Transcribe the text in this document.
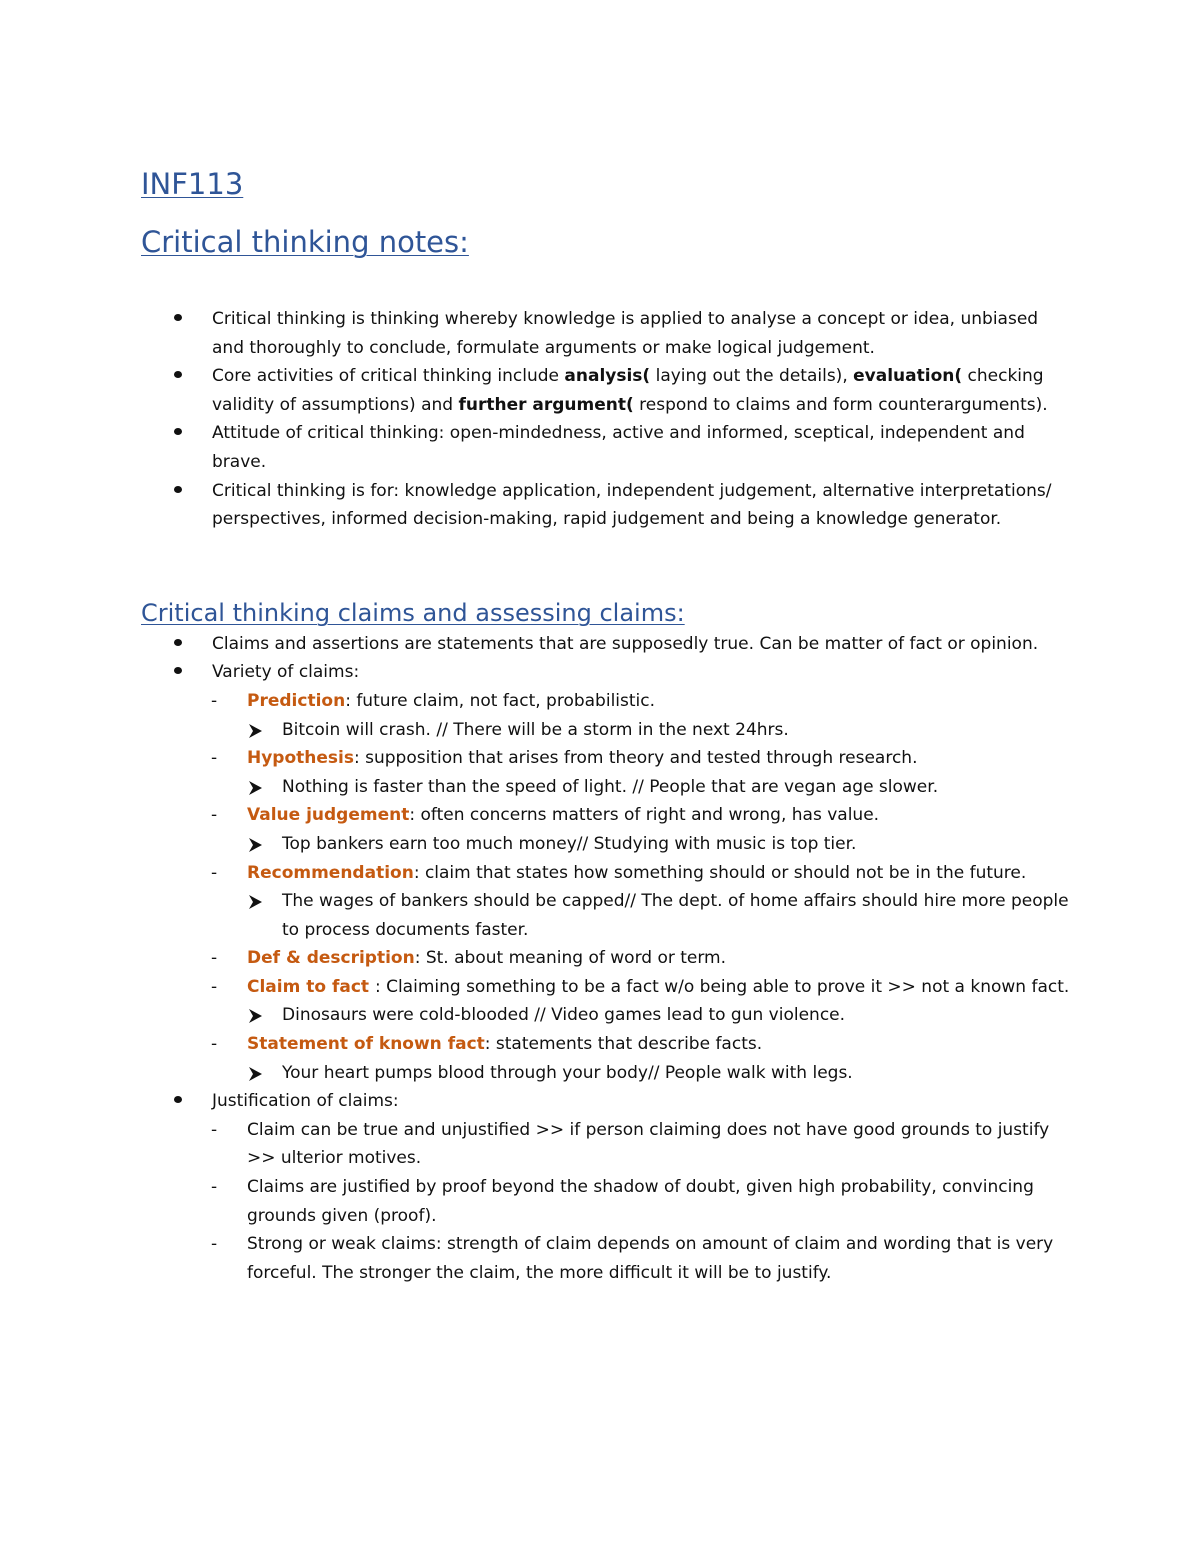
INF113
Critical thinking notes:
Critical thinking is thinking whereby knowledge is applied to analyse a concept or idea, unbiased and thoroughly to conclude, formulate arguments or make logical judgement.
Core activities of critical thinking include analysis( laying out the details), evaluation( checking validity of assumptions) and further argument( respond to claims and form counterarguments).
Attitude of critical thinking: open-mindedness, active and informed, sceptical, independent and brave.
Critical thinking is for: knowledge application, independent judgement, alternative interpretations/ perspectives, informed decision-making, rapid judgement and being a knowledge generator.
Critical thinking claims and assessing claims:
Claims and assertions are statements that are supposedly true. Can be matter of fact or opinion.
Variety of claims:
- Prediction: future claim, not fact, probabilistic.
Bitcoin will crash. // There will be a storm in the next 24hrs.
- Hypothesis: supposition that arises from theory and tested through research.
Nothing is faster than the speed of light. // People that are vegan age slower.
- Value judgement: often concerns matters of right and wrong, has value.
Top bankers earn too much money// Studying with music is top tier.
- Recommendation: claim that states how something should or should not be in the future.
The wages of bankers should be capped// The dept. of home affairs should hire more people to process documents faster.
- Def & description: St. about meaning of word or term.
- Claim to fact : Claiming something to be a fact w/o being able to prove it >> not a known fact.
Dinosaurs were cold-blooded // Video games lead to gun violence.
- Statement of known fact: statements that describe facts.
Your heart pumps blood through your body// People walk with legs.
Justification of claims:
- Claim can be true and unjustified >> if person claiming does not have good grounds to justify >> ulterior motives.
- Claims are justified by proof beyond the shadow of doubt, given high probability, convincing grounds given (proof).
- Strong or weak claims: strength of claim depends on amount of claim and wording that is very forceful. The stronger the claim, the more difficult it will be to justify.
